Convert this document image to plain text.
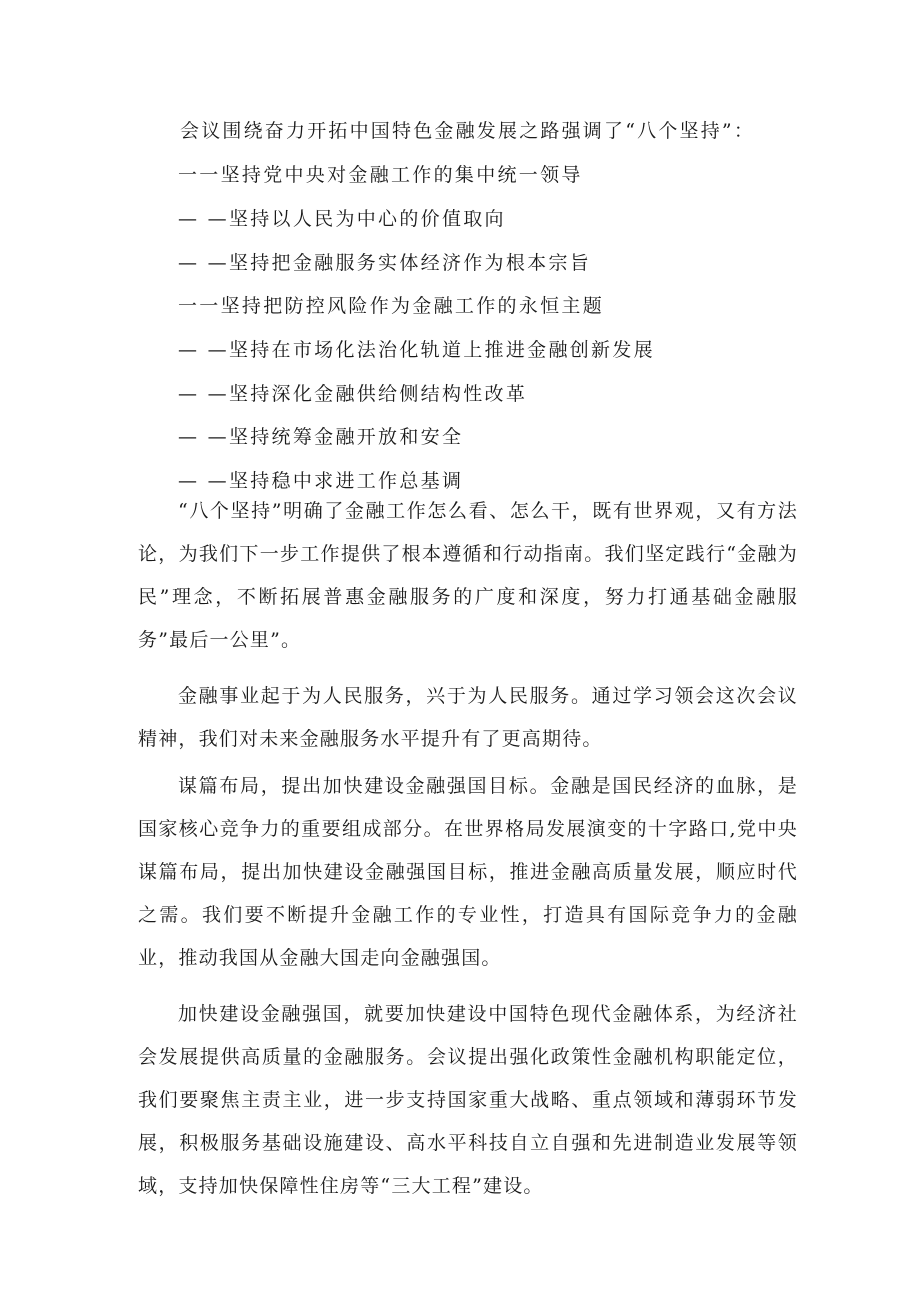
会议围绕奋力开拓中国特色金融发展之路强调了“八个坚持”：
一一坚持党中央对金融工作的集中统一领导
— —坚持以人民为中心的价值取向
— —坚持把金融服务实体经济作为根本宗旨
一一坚持把防控风险作为金融工作的永恒主题
— —坚持在市场化法治化轨道上推进金融创新发展
— —坚持深化金融供给侧结构性改革
— —坚持统筹金融开放和安全
— —坚持稳中求进工作总基调

“八个坚持”明确了金融工作怎么看、怎么干，既有世界观，又有方法论，为我们下一步工作提供了根本遵循和行动指南。我们坚定践行“金融为民”理念，不断拓展普惠金融服务的广度和深度，努力打通基础金融服务”最后一公里”。

金融事业起于为人民服务，兴于为人民服务。通过学习领会这次会议精神，我们对未来金融服务水平提升有了更高期待。

谋篇布局，提出加快建设金融强国目标。金融是国民经济的血脉，是国家核心竞争力的重要组成部分。在世界格局发展演变的十字路口,党中央谋篇布局，提出加快建设金融强国目标，推进金融高质量发展，顺应时代之需。我们要不断提升金融工作的专业性，打造具有国际竞争力的金融业，推动我国从金融大国走向金融强国。

加快建设金融强国，就要加快建设中国特色现代金融体系，为经济社会发展提供高质量的金融服务。会议提出强化政策性金融机构职能定位，我们要聚焦主责主业，进一步支持国家重大战略、重点领域和薄弱环节发展，积极服务基础设施建设、高水平科技自立自强和先进制造业发展等领域，支持加快保障性住房等“三大工程”建设。
